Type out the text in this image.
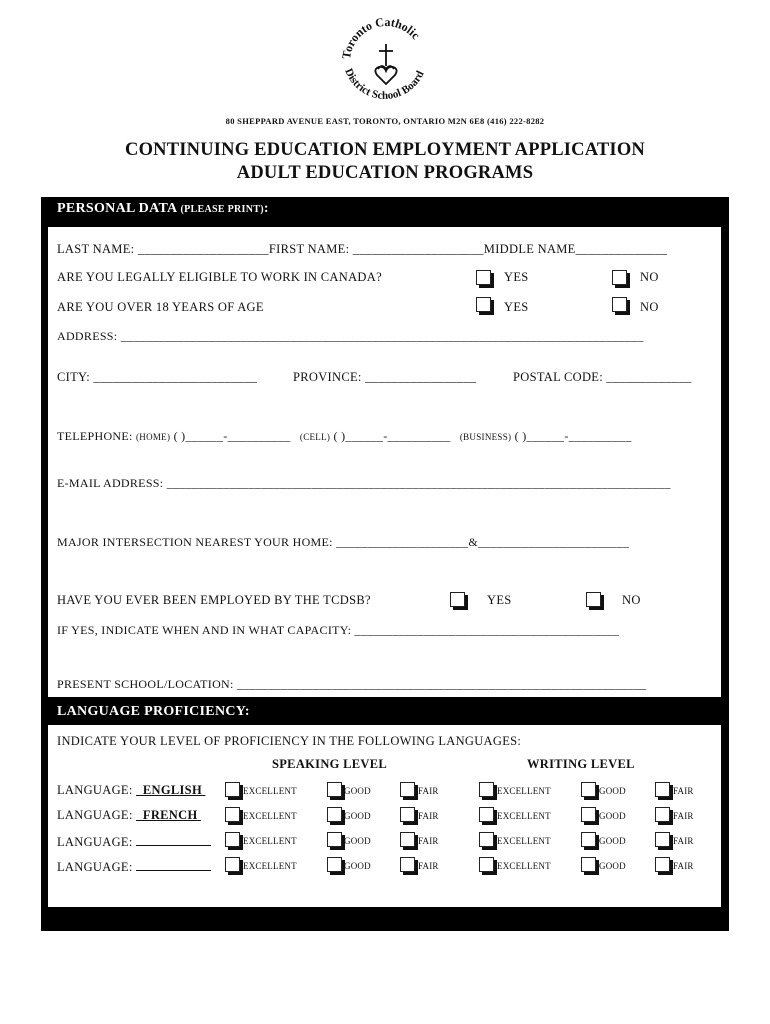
Toronto Catholic
District School Board
80 SHEPPARD AVENUE EAST, TORONTO, ONTARIO M2N 6E8 (416) 222-8282
CONTINUING EDUCATION EMPLOYMENT APPLICATION
ADULT EDUCATION PROGRAMS
PERSONAL DATA (PLEASE PRINT):
LAST NAME: ____________________FIRST NAME: ____________________MIDDLE NAME______________
ARE YOU LEGALLY ELIGIBLE TO WORK IN CANADA?	YES	NO
ARE YOU OVER 18 YEARS OF AGE	YES	NO
ADDRESS: ___________________________________________________________________________________
CITY: _________________________	PROVINCE: _________________	POSTAL CODE: _____________
TELEPHONE: (HOME) ( )______-__________ (CELL) ( )______-__________ (BUSINESS) ( )______-__________
E-MAIL ADDRESS: ________________________________________________________________________________
MAJOR INTERSECTION NEAREST YOUR HOME: _____________________&________________________
HAVE YOU EVER BEEN EMPLOYED BY THE TCDSB?	YES	NO
IF YES, INDICATE WHEN AND IN WHAT CAPACITY: __________________________________________
PRESENT SCHOOL/LOCATION: _________________________________________________________________
LANGUAGE PROFICIENCY:
INDICATE YOUR LEVEL OF PROFICIENCY IN THE FOLLOWING LANGUAGES:
SPEAKING LEVEL	WRITING LEVEL
LANGUAGE:   ENGLISH	EXCELLENT	GOOD	FAIR	EXCELLENT	GOOD	FAIR
LANGUAGE:   FRENCH	EXCELLENT	GOOD	FAIR	EXCELLENT	GOOD	FAIR
LANGUAGE:	EXCELLENT	GOOD	FAIR	EXCELLENT	GOOD	FAIR
LANGUAGE:	EXCELLENT	GOOD	FAIR	EXCELLENT	GOOD	FAIR
